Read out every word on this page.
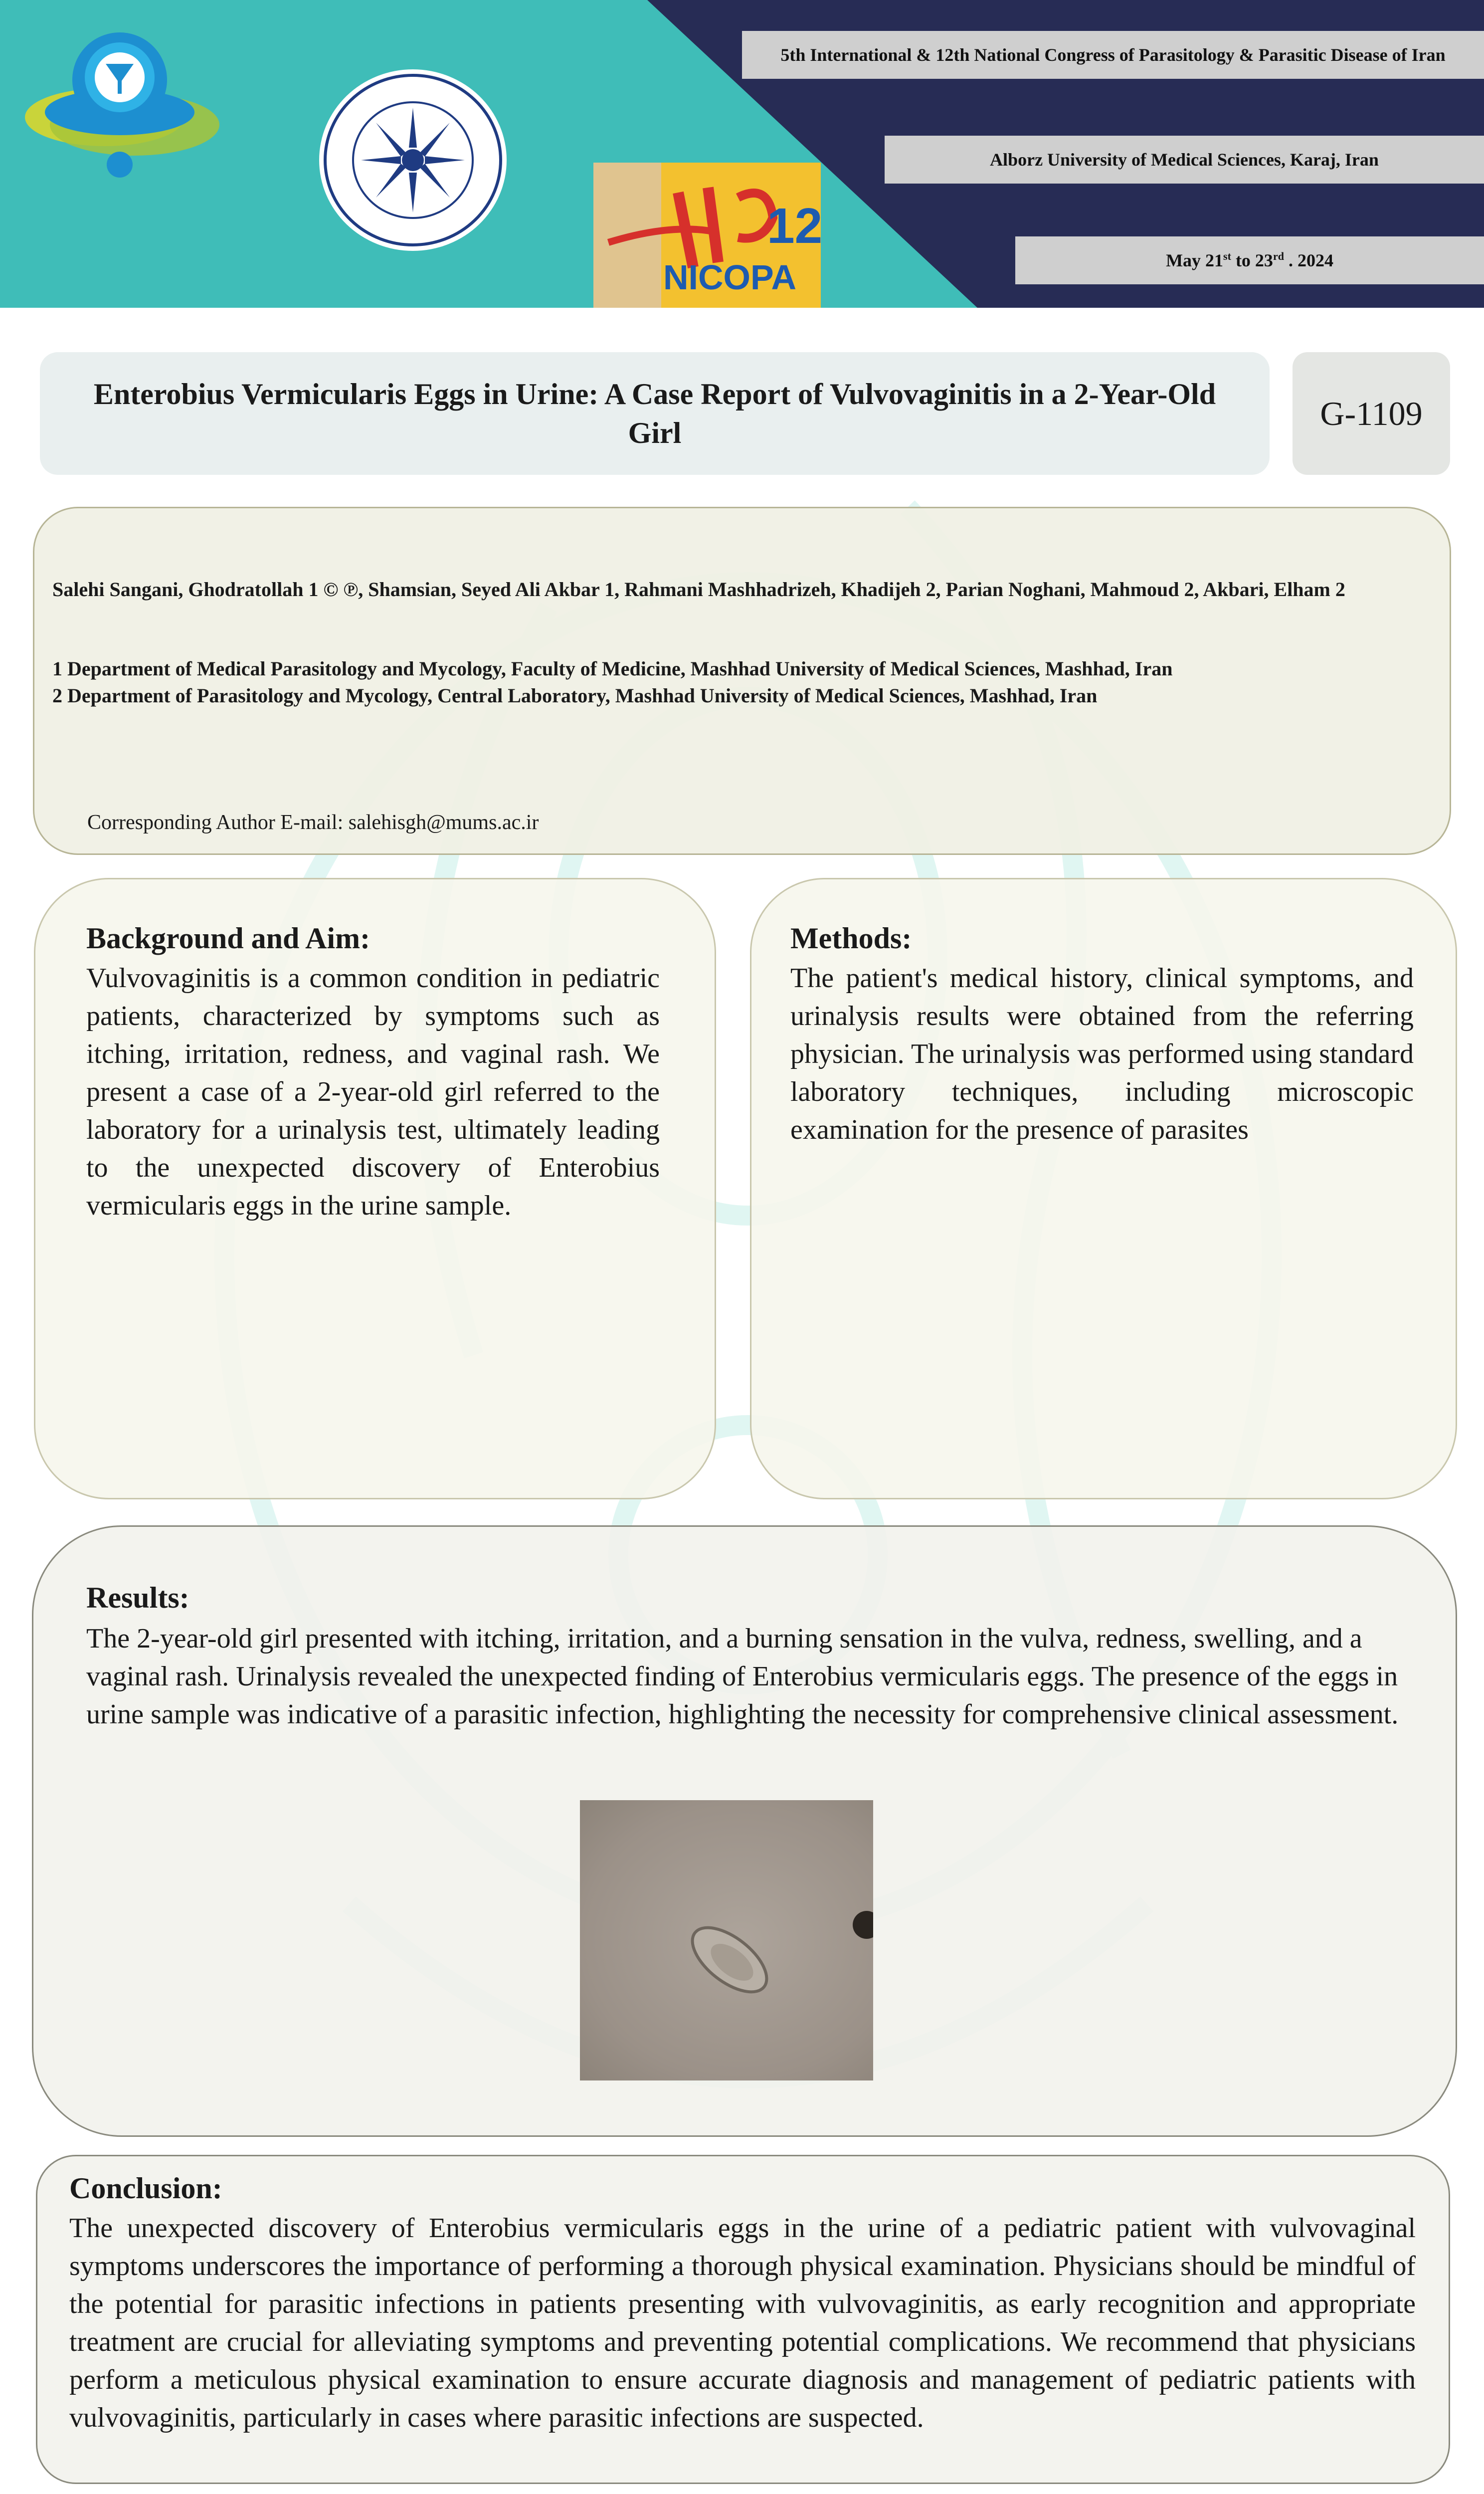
12
NICOPA
5th International & 12th National Congress of Parasitology & Parasitic Disease of Iran
Alborz University of Medical Sciences, Karaj, Iran
May 21st to 23rd . 2024
Enterobius Vermicularis Eggs in Urine: A Case Report of Vulvovaginitis in a 2-Year-Old Girl
G-1109
Salehi Sangani, Ghodratollah 1 © ℗, Shamsian, Seyed Ali Akbar 1, Rahmani Mashhadrizeh, Khadijeh 2, Parian Noghani, Mahmoud 2, Akbari, Elham 2
1 Department of Medical Parasitology and Mycology, Faculty of Medicine, Mashhad University of Medical Sciences, Mashhad, Iran
2 Department of Parasitology and Mycology, Central Laboratory, Mashhad University of Medical Sciences, Mashhad, Iran
Corresponding Author E-mail: salehisgh@mums.ac.ir
Background and Aim:
Vulvovaginitis is a common condition in pediatric patients, characterized by symptoms such as itching, irritation, redness, and vaginal rash. We present a case of a 2-year-old girl referred to the laboratory for a urinalysis test, ultimately leading to the unexpected discovery of Enterobius vermicularis eggs in the urine sample.
Methods:
The patient's medical history, clinical symptoms, and urinalysis results were obtained from the referring physician. The urinalysis was performed using standard laboratory techniques, including microscopic examination for the presence of parasites
Results:
The 2-year-old girl presented with itching, irritation, and a burning sensation in the vulva, redness, swelling, and a vaginal rash. Urinalysis revealed the unexpected finding of Enterobius vermicularis eggs. The presence of the eggs in urine sample was indicative of a parasitic infection, highlighting the necessity for comprehensive clinical assessment.
Conclusion:
The unexpected discovery of Enterobius vermicularis eggs in the urine of a pediatric patient with vulvovaginal symptoms underscores the importance of performing a thorough physical examination. Physicians should be mindful of the potential for parasitic infections in patients presenting with vulvovaginitis, as early recognition and appropriate treatment are crucial for alleviating symptoms and preventing potential complications. We recommend that physicians perform a meticulous physical examination to ensure accurate diagnosis and management of pediatric patients with vulvovaginitis, particularly in cases where parasitic infections are suspected.
